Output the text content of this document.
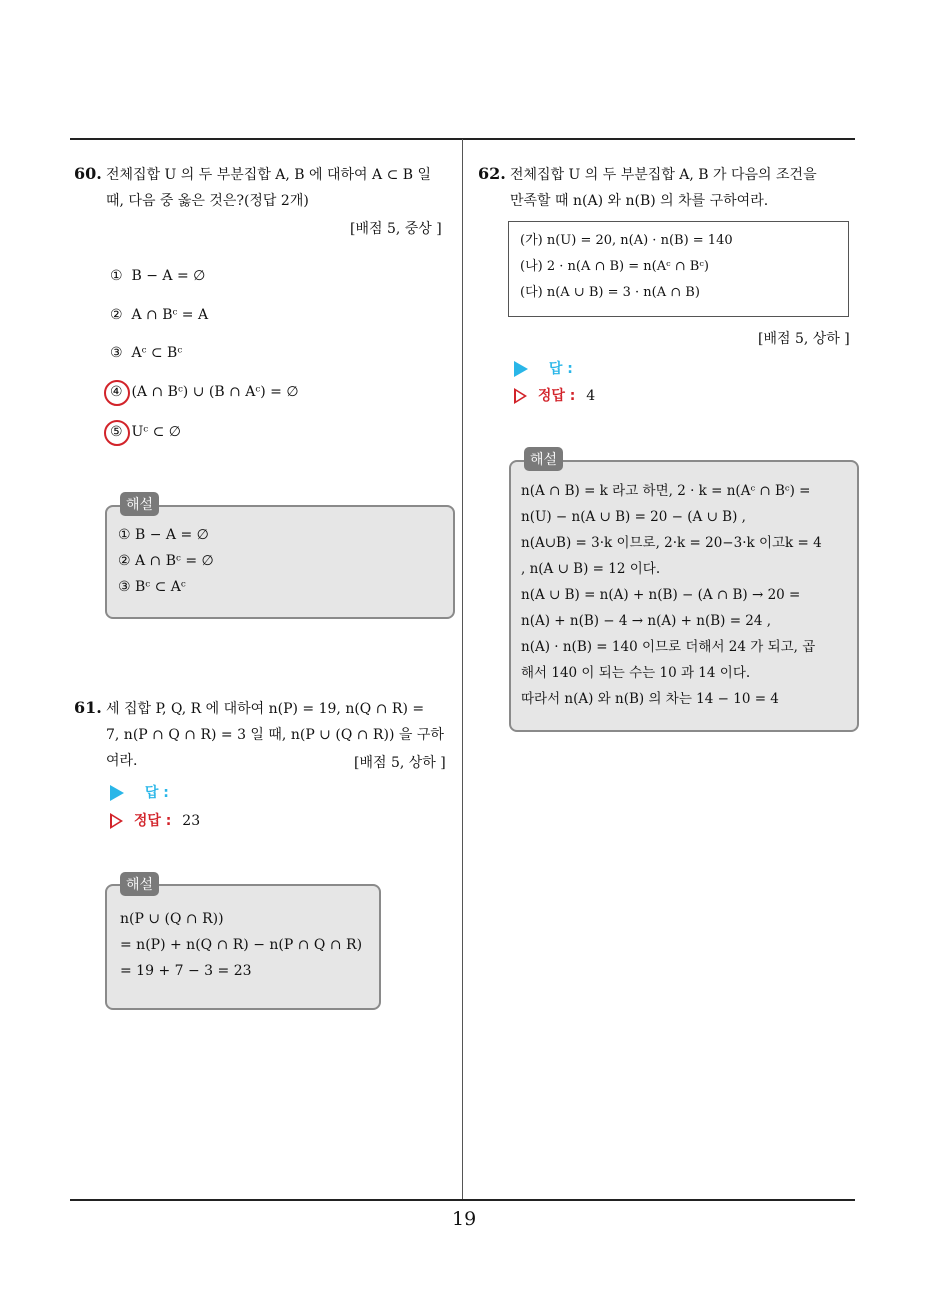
60. 전체집합 U 의 두 부분집합 A, B 에 대하여 A ⊂ B 일
때, 다음 중 옳은 것은?(정답 2개)
[배점 5, 중상 ]
① B − A = ∅
② A ∩ Bᶜ = A
③ Aᶜ ⊂ Bᶜ
④ (A ∩ Bᶜ) ∪ (B ∩ Aᶜ) = ∅
⑤ Uᶜ ⊂ ∅
해설
① B − A = ∅
② A ∩ Bᶜ = ∅
③ Bᶜ ⊂ Aᶜ
61. 세 집합 P, Q, R 에 대하여 n(P) = 19, n(Q ∩ R) =
7, n(P ∩ Q ∩ R) = 3 일 때, n(P ∪ (Q ∩ R)) 을 구하
여라.	[배점 5, 상하 ]
답 :
정답 : 23
해설
n(P ∪ (Q ∩ R))
= n(P) + n(Q ∩ R) − n(P ∩ Q ∩ R)
= 19 + 7 − 3 = 23
62. 전체집합 U 의 두 부분집합 A, B 가 다음의 조건을
만족할 때 n(A) 와 n(B) 의 차를 구하여라.
(가) n(U) = 20, n(A) · n(B) = 140
(나) 2 · n(A ∩ B) = n(Aᶜ ∩ Bᶜ)
(다) n(A ∪ B) = 3 · n(A ∩ B)
[배점 5, 상하 ]
답 :
정답 : 4
해설
n(A ∩ B) = k 라고 하면, 2 · k = n(Aᶜ ∩ Bᶜ) =
n(U) − n(A ∪ B) = 20 − (A ∪ B) ,
n(A∪B) = 3·k 이므로, 2·k = 20−3·k 이고k = 4
, n(A ∪ B) = 12 이다.
n(A ∪ B) = n(A) + n(B) − (A ∩ B) → 20 =
n(A) + n(B) − 4 → n(A) + n(B) = 24 ,
n(A) · n(B) = 140 이므로 더해서 24 가 되고, 곱
해서 140 이 되는 수는 10 과 14 이다.
따라서 n(A) 와 n(B) 의 차는 14 − 10 = 4
19
